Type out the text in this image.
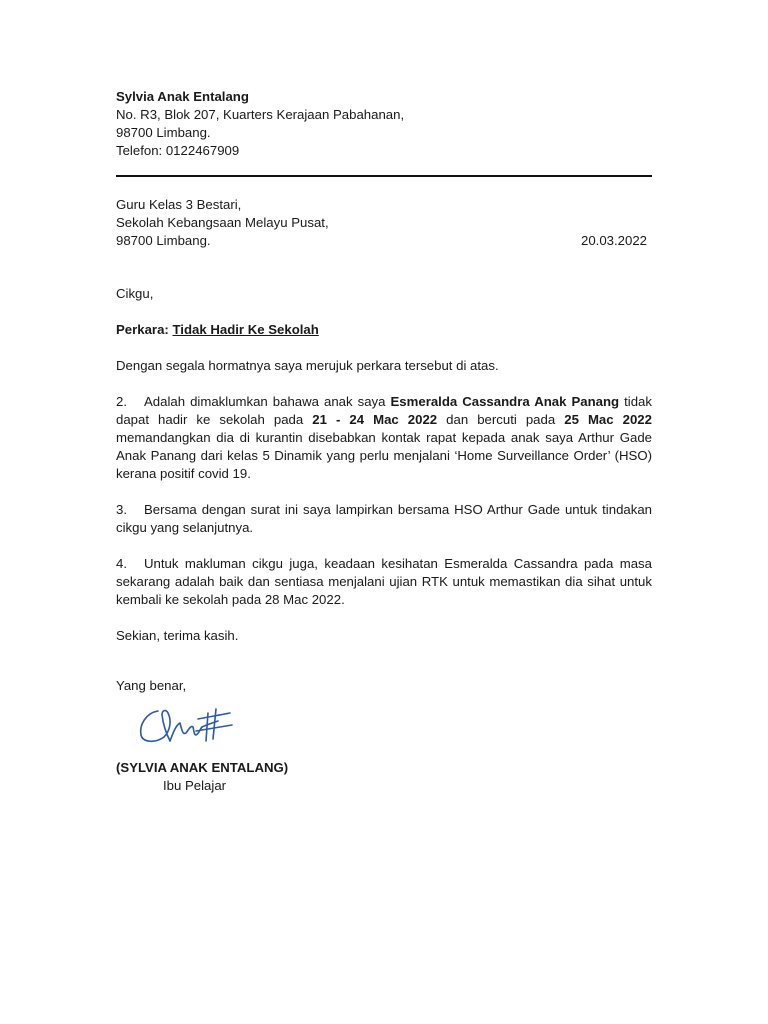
Sylvia Anak Entalang
No. R3, Blok 207, Kuarters Kerajaan Pabahanan,
98700 Limbang.
Telefon: 0122467909
Guru Kelas 3 Bestari,
Sekolah Kebangsaan Melayu Pusat,
98700 Limbang.	20.03.2022
Cikgu,
Perkara: Tidak Hadir Ke Sekolah
Dengan segala hormatnya saya merujuk perkara tersebut di atas.
2. Adalah dimaklumkan bahawa anak saya Esmeralda Cassandra Anak Panang tidak dapat hadir ke sekolah pada 21 - 24 Mac 2022 dan bercuti pada 25 Mac 2022 memandangkan dia di kurantin disebabkan kontak rapat kepada anak saya Arthur Gade Anak Panang dari kelas 5 Dinamik yang perlu menjalani ‘Home Surveillance Order’ (HSO) kerana positif covid 19.
3. Bersama dengan surat ini saya lampirkan bersama HSO Arthur Gade untuk tindakan cikgu yang selanjutnya.
4. Untuk makluman cikgu juga, keadaan kesihatan Esmeralda Cassandra pada masa sekarang adalah baik dan sentiasa menjalani ujian RTK untuk memastikan dia sihat untuk kembali ke sekolah pada 28 Mac 2022.
Sekian, terima kasih.
Yang benar,
(SYLVIA ANAK ENTALANG)
Ibu Pelajar
